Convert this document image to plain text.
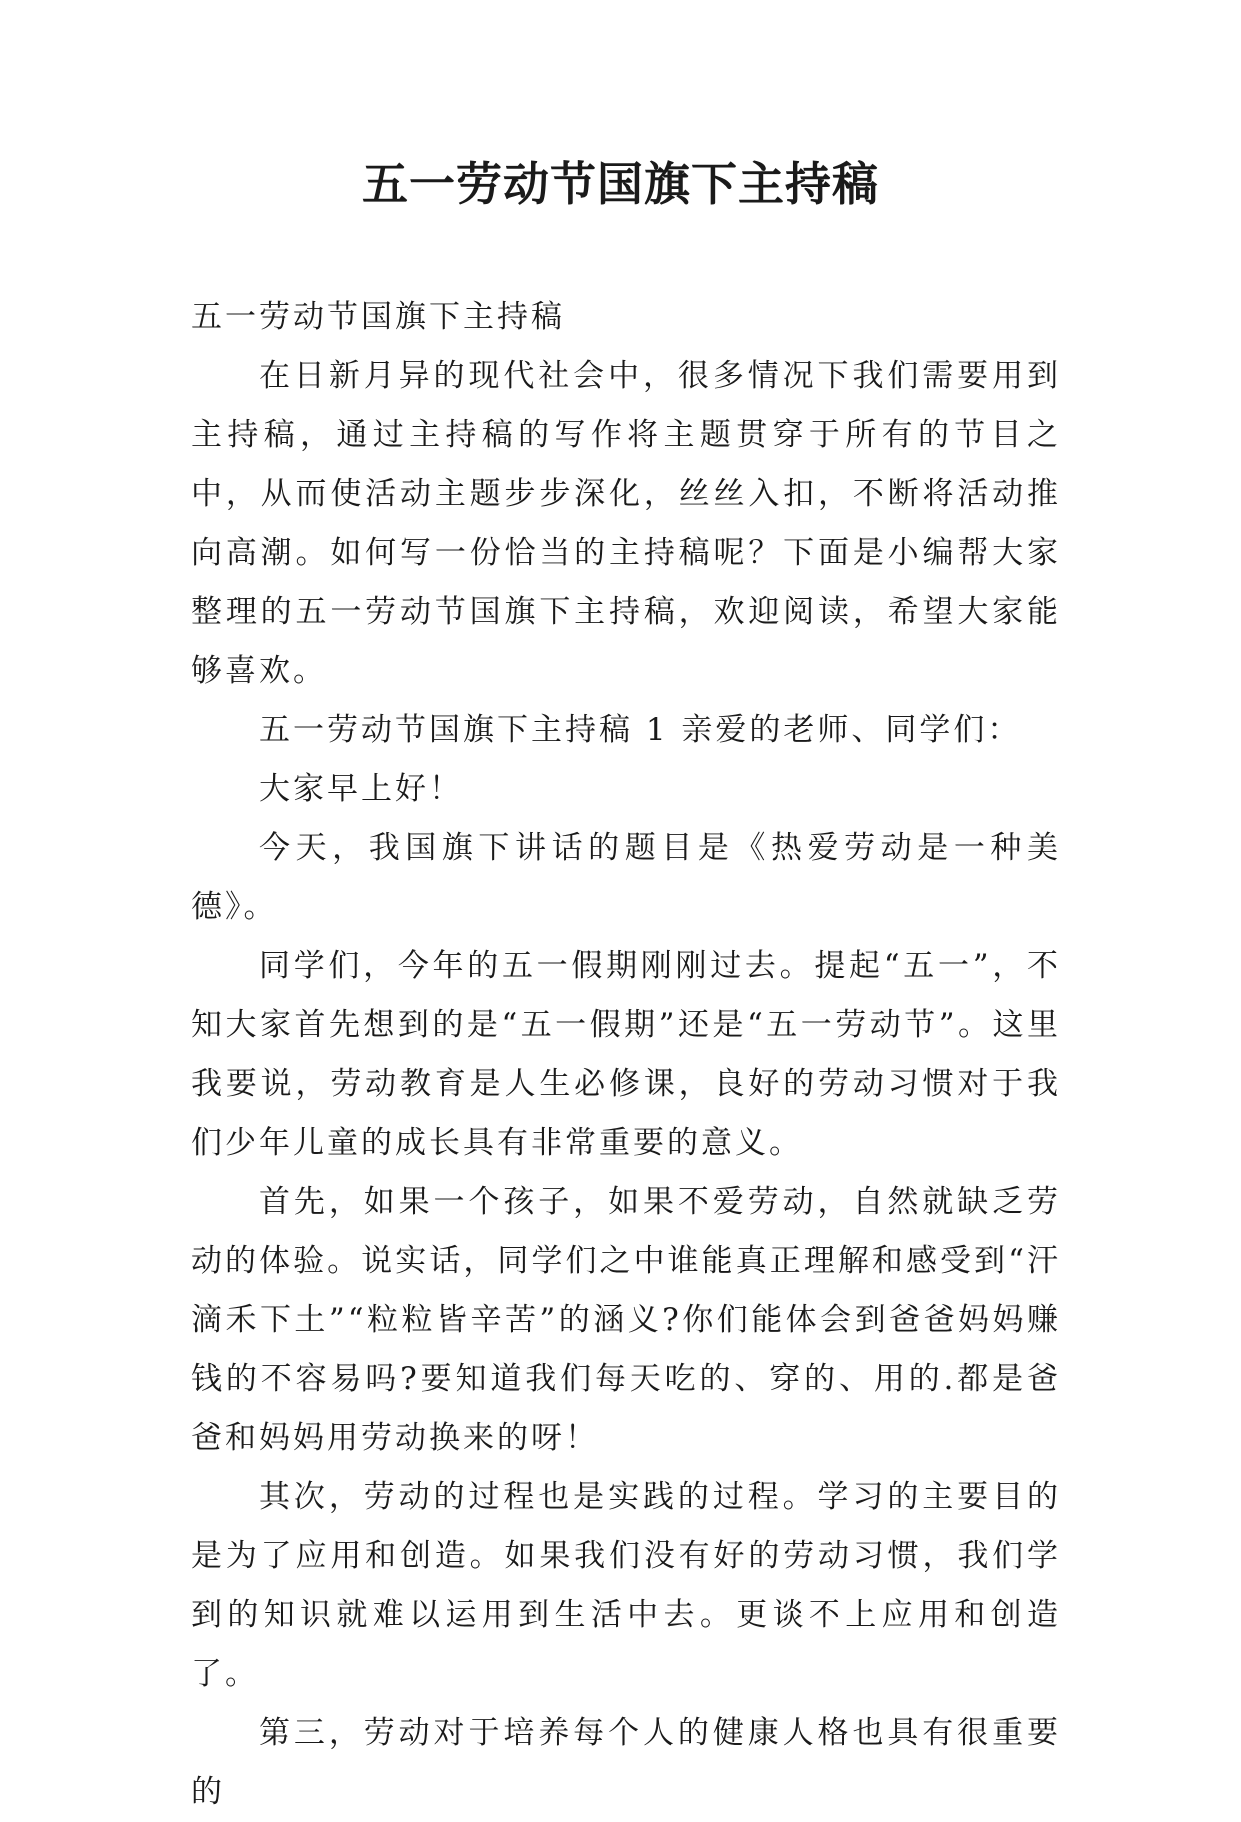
五一劳动节国旗下主持稿

五一劳动节国旗下主持稿

在日新月异的现代社会中，很多情况下我们需要用到主持稿，通过主持稿的写作将主题贯穿于所有的节目之中，从而使活动主题步步深化，丝丝入扣，不断将活动推向高潮。如何写一份恰当的主持稿呢？下面是小编帮大家整理的五一劳动节国旗下主持稿，欢迎阅读，希望大家能够喜欢。

五一劳动节国旗下主持稿 1 亲爱的老师、同学们：

大家早上好！

今天，我国旗下讲话的题目是《热爱劳动是一种美德》。

同学们，今年的五一假期刚刚过去。提起“五一”，不知大家首先想到的是“五一假期”还是“五一劳动节”。这里我要说，劳动教育是人生必修课，良好的劳动习惯对于我们少年儿童的成长具有非常重要的意义。

首先，如果一个孩子，如果不爱劳动，自然就缺乏劳动的体验。说实话，同学们之中谁能真正理解和感受到“汗滴禾下土”“粒粒皆辛苦”的涵义?你们能体会到爸爸妈妈赚钱的不容易吗?要知道我们每天吃的、穿的、用的.都是爸爸和妈妈用劳动换来的呀！

其次，劳动的过程也是实践的过程。学习的主要目的是为了应用和创造。如果我们没有好的劳动习惯，我们学到的知识就难以运用到生活中去。更谈不上应用和创造了。

第三，劳动对于培养每个人的健康人格也具有很重要的
